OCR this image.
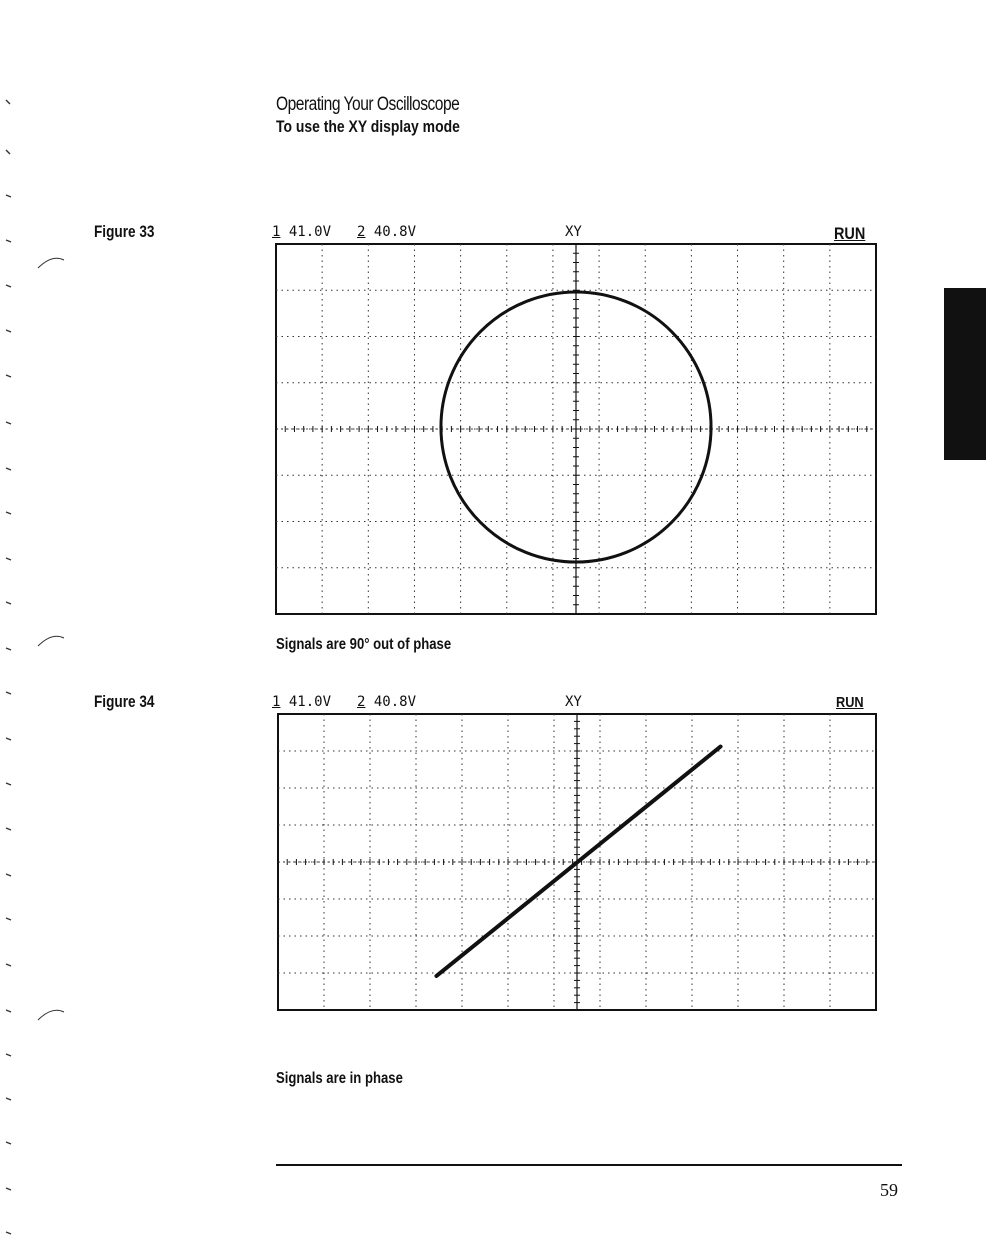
Operating Your Oscilloscope
To use the XY display mode
Figure 33	1 41.0V 2 40.8V	XY	RUN
Signals are 90° out of phase
Figure 34	1 41.0V 2 40.8V	XY	RUN
Signals are in phase
59
